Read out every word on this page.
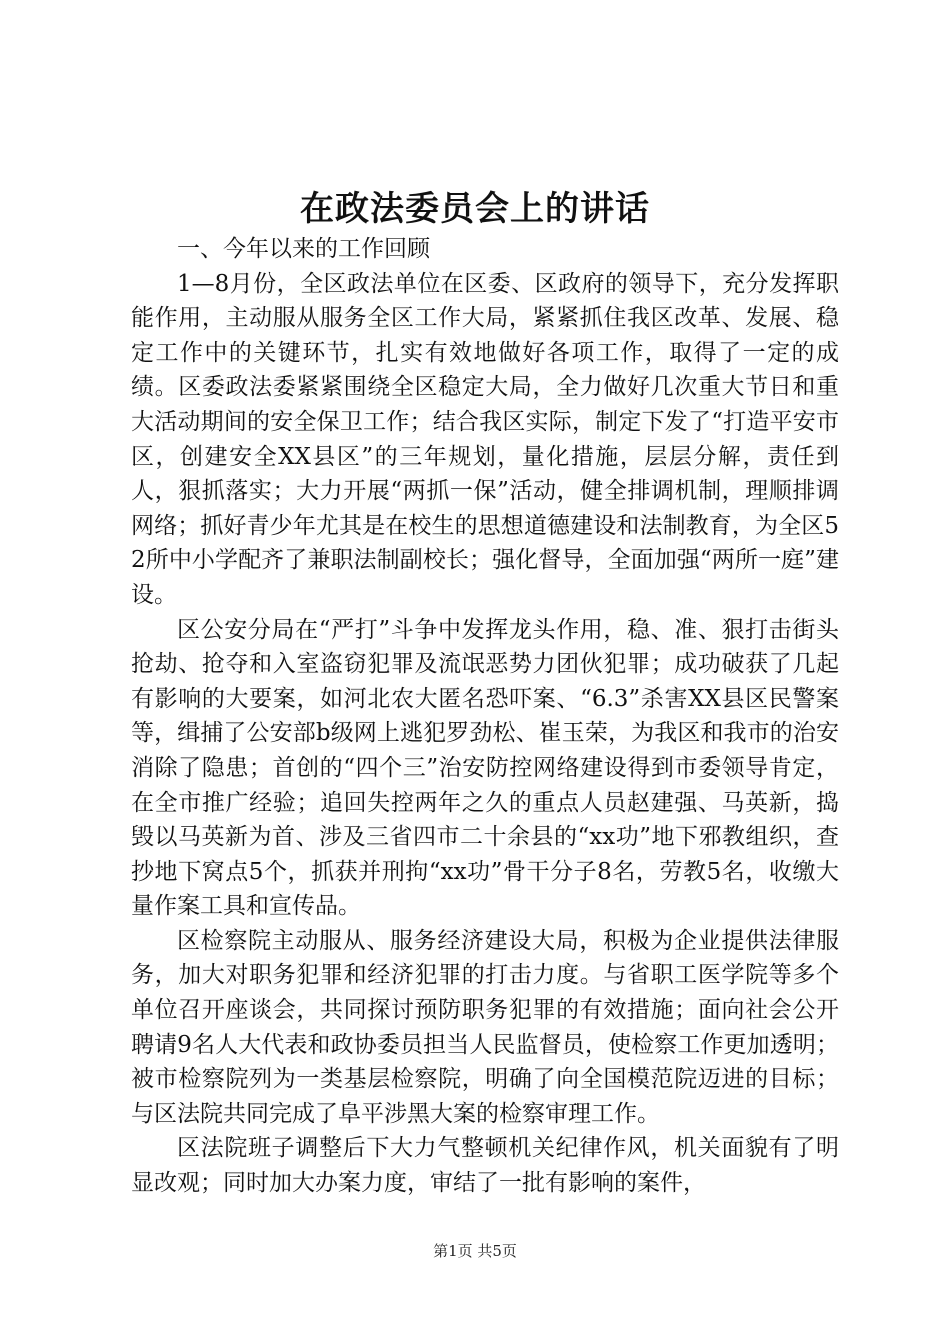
在政法委员会上的讲话

一、今年以来的工作回顾

1—8月份，全区政法单位在区委、区政府的领导下，充分发挥职能作用，主动服从服务全区工作大局，紧紧抓住我区改革、发展、稳定工作中的关键环节，扎实有效地做好各项工作，取得了一定的成绩。区委政法委紧紧围绕全区稳定大局，全力做好几次重大节日和重大活动期间的安全保卫工作；结合我区实际，制定下发了“打造平安市区，创建安全XX县区”的三年规划，量化措施，层层分解，责任到人，狠抓落实；大力开展“两抓一保”活动，健全排调机制，理顺排调网络；抓好青少年尤其是在校生的思想道德建设和法制教育，为全区52所中小学配齐了兼职法制副校长；强化督导，全面加强“两所一庭”建设。

区公安分局在“严打”斗争中发挥龙头作用，稳、准、狠打击街头抢劫、抢夺和入室盗窃犯罪及流氓恶势力团伙犯罪；成功破获了几起有影响的大要案，如河北农大匿名恐吓案、“6.3”杀害XX县区民警案等，缉捕了公安部b级网上逃犯罗劲松、崔玉荣，为我区和我市的治安消除了隐患；首创的“四个三”治安防控网络建设得到市委领导肯定，在全市推广经验；追回失控两年之久的重点人员赵建强、马英新，捣毁以马英新为首、涉及三省四市二十余县的“xx功”地下邪教组织，查抄地下窝点5个，抓获并刑拘“xx功”骨干分子8名，劳教5名，收缴大量作案工具和宣传品。

区检察院主动服从、服务经济建设大局，积极为企业提供法律服务，加大对职务犯罪和经济犯罪的打击力度。与省职工医学院等多个单位召开座谈会，共同探讨预防职务犯罪的有效措施；面向社会公开聘请9名人大代表和政协委员担当人民监督员，使检察工作更加透明；被市检察院列为一类基层检察院，明确了向全国模范院迈进的目标；与区法院共同完成了阜平涉黑大案的检察审理工作。

区法院班子调整后下大力气整顿机关纪律作风，机关面貌有了明显改观；同时加大办案力度，审结了一批有影响的案件，

第1页 共5页
